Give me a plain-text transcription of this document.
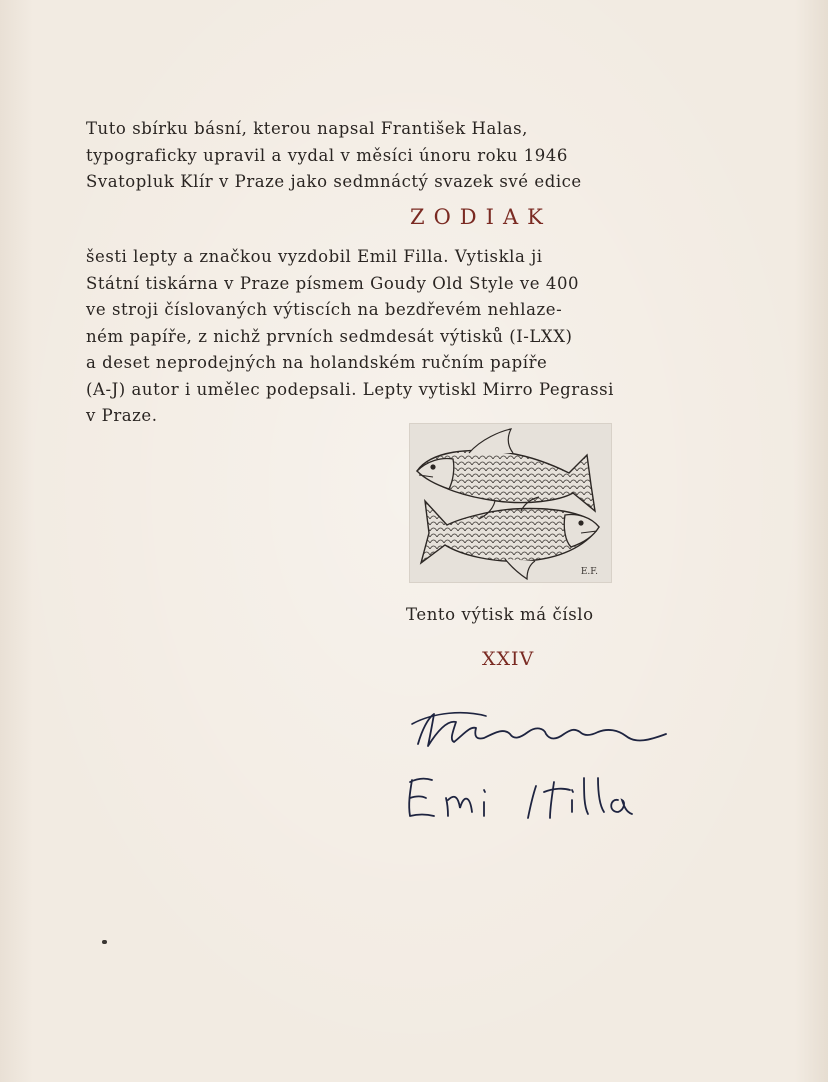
Tuto sbírku básní, kterou napsal František Halas,
typograficky upravil a vydal v měsíci únoru roku 1946
Svatopluk Klír v Praze jako sedmnáctý svazek své edice
ZODIAK
šesti lepty a značkou vyzdobil Emil Filla. Vytiskla ji
Státní tiskárna v Praze písmem Goudy Old Style ve 400
ve stroji číslovaných výtiscích na bezdřevém nehlaze-
ném papíře, z nichž prvních sedmdesát výtisků (I-LXX)
a deset neprodejných na holandském ručním papíře
(A-J) autor i umělec podepsali. Lepty vytiskl Mirro Pegrassi
v Praze.
E.F.
Tento výtisk má číslo
XXIV
